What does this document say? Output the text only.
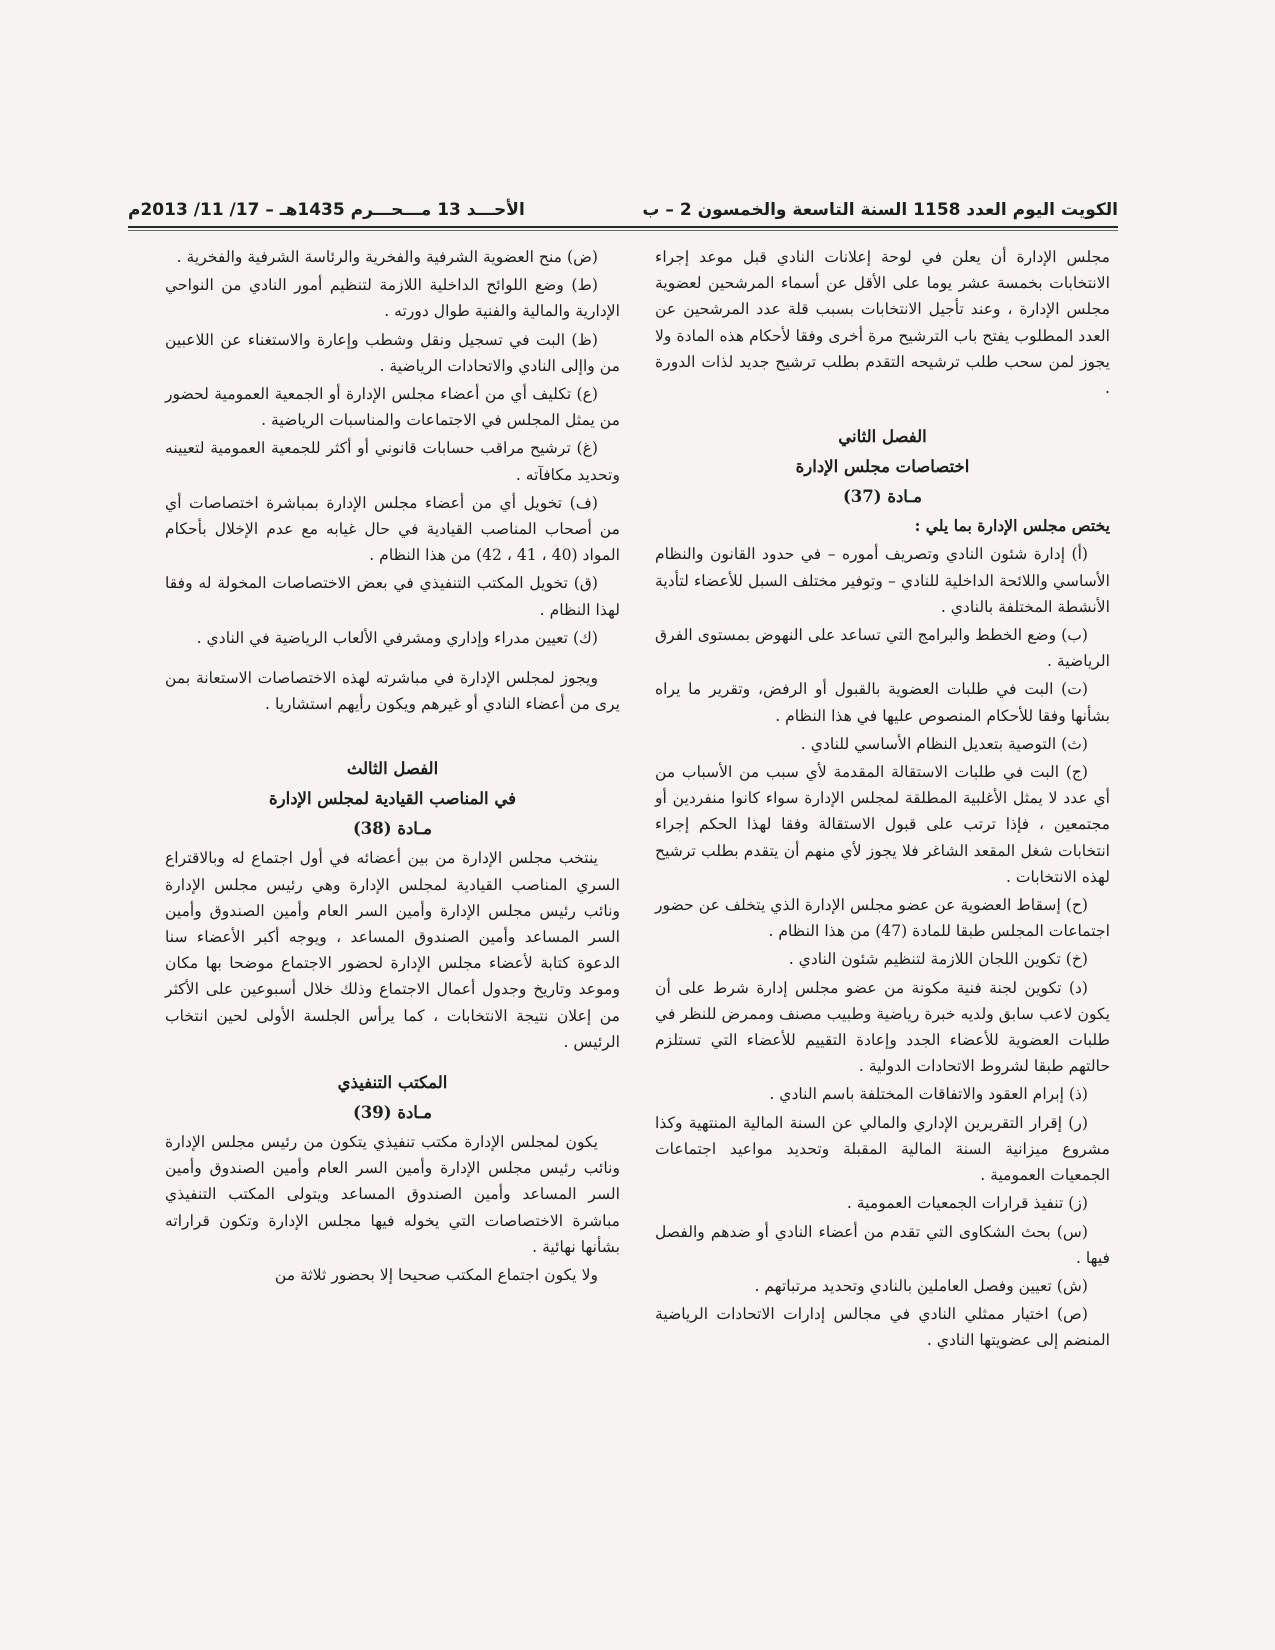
الكويت اليوم العدد 1158 السنة التاسعة والخمسون 2 – ب
الأحـــد 13 مـــحـــرم 1435هـ – 17/ 11/ 2013م

مجلس الإدارة أن يعلن في لوحة إعلانات النادي قبل موعد إجراء الانتخابات بخمسة عشر يوما على الأقل عن أسماء المرشحين لعضوية مجلس الإدارة ، وعند تأجيل الانتخابات بسبب قلة عدد المرشحين عن العدد المطلوب يفتح باب الترشيح مرة أخرى وفقا لأحكام هذه المادة ولا يجوز لمن سحب طلب ترشيحه التقدم بطلب ترشيح جديد لذات الدورة .

الفصل الثاني

اختصاصات مجلس الإدارة

مـادة (37)

يختص مجلس الإدارة بما يلي :

(أ) إدارة شئون النادي وتصريف أموره – في حدود القانون والنظام الأساسي واللائحة الداخلية للنادي – وتوفير مختلف السبل للأعضاء لتأدية الأنشطة المختلفة بالنادي .

(ب) وضع الخطط والبرامج التي تساعد على النهوض بمستوى الفرق الرياضية .

(ت) البت في طلبات العضوية بالقبول أو الرفض، وتقرير ما يراه بشأنها وفقا للأحكام المنصوص عليها في هذا النظام .

(ث) التوصية بتعديل النظام الأساسي للنادي .

(ج) البت في طلبات الاستقالة المقدمة لأي سبب من الأسباب من أي عدد لا يمثل الأغلبية المطلقة لمجلس الإدارة سواء كانوا منفردين أو مجتمعين ، فإذا ترتب على قبول الاستقالة وفقا لهذا الحكم إجراء انتخابات شغل المقعد الشاغر فلا يجوز لأي منهم أن يتقدم بطلب ترشيح لهذه الانتخابات .

(ح) إسقاط العضوية عن عضو مجلس الإدارة الذي يتخلف عن حضور اجتماعات المجلس طبقا للمادة (47) من هذا النظام .

(خ) تكوين اللجان اللازمة لتنظيم شئون النادي .

(د) تكوين لجنة فنية مكونة من عضو مجلس إدارة شرط على أن يكون لاعب سابق ولديه خبرة رياضية وطبيب مصنف وممرض للنظر في طلبات العضوية للأعضاء الجدد وإعادة التقييم للأعضاء التي تستلزم حالتهم طبقا لشروط الاتحادات الدولية .

(ذ) إبرام العقود والاتفاقات المختلفة باسم النادي .

(ر) إقرار التقريرين الإداري والمالي عن السنة المالية المنتهية وكذا مشروع ميزانية السنة المالية المقبلة وتحديد مواعيد اجتماعات الجمعيات العمومية .

(ز) تنفيذ قرارات الجمعيات العمومية .

(س) بحث الشكاوى التي تقدم من أعضاء النادي أو ضدهم والفصل فيها .

(ش) تعيين وفصل العاملين بالنادي وتحديد مرتباتهم .

(ص) اختيار ممثلي النادي في مجالس إدارات الاتحادات الرياضية المنضم إلى عضويتها النادي .

(ض) منح العضوية الشرفية والفخرية والرئاسة الشرفية والفخرية .

(ط) وضع اللوائح الداخلية اللازمة لتنظيم أمور النادي من النواحي الإدارية والمالية والفنية طوال دورته .

(ظ) البت في تسجيل ونقل وشطب وإعارة والاستغناء عن اللاعبين من واإلى النادي والاتحادات الرياضية .

(ع) تكليف أي من أعضاء مجلس الإدارة أو الجمعية العمومية لحضور من يمثل المجلس في الاجتماعات والمناسبات الرياضية .

(غ) ترشيح مراقب حسابات قانوني أو أكثر للجمعية العمومية لتعيينه وتحديد مكافآته .

(ف) تخويل أي من أعضاء مجلس الإدارة بمباشرة اختصاصات أي من أصحاب المناصب القيادية في حال غيابه مع عدم الإخلال بأحكام المواد (40 ، 41 ، 42) من هذا النظام .

(ق) تخويل المكتب التنفيذي في بعض الاختصاصات المخولة له وفقا لهذا النظام .

(ك) تعيين مدراء وإداري ومشرفي الألعاب الرياضية في النادي .

ويجوز لمجلس الإدارة في مباشرته لهذه الاختصاصات الاستعانة بمن يرى من أعضاء النادي أو غيرهم ويكون رأيهم استشاريا .

الفصل الثالث

في المناصب القيادية لمجلس الإدارة

مـادة (38)

ينتخب مجلس الإدارة من بين أعضائه في أول اجتماع له وبالاقتراع السري المناصب القيادية لمجلس الإدارة وهي رئيس مجلس الإدارة ونائب رئيس مجلس الإدارة وأمين السر العام وأمين الصندوق وأمين السر المساعد وأمين الصندوق المساعد ، ويوجه أكبر الأعضاء سنا الدعوة كتابة لأعضاء مجلس الإدارة لحضور الاجتماع موضحا بها مكان وموعد وتاريخ وجدول أعمال الاجتماع وذلك خلال أسبوعين على الأكثر من إعلان نتيجة الانتخابات ، كما يرأس الجلسة الأولى لحين انتخاب الرئيس .

المكتب التنفيذي

مـادة (39)

يكون لمجلس الإدارة مكتب تنفيذي يتكون من رئيس مجلس الإدارة ونائب رئيس مجلس الإدارة وأمين السر العام وأمين الصندوق وأمين السر المساعد وأمين الصندوق المساعد ويتولى المكتب التنفيذي مباشرة الاختصاصات التي يخوله فيها مجلس الإدارة وتكون قراراته بشأنها نهائية .

ولا يكون اجتماع المكتب صحيحا إلا بحضور ثلاثة من
